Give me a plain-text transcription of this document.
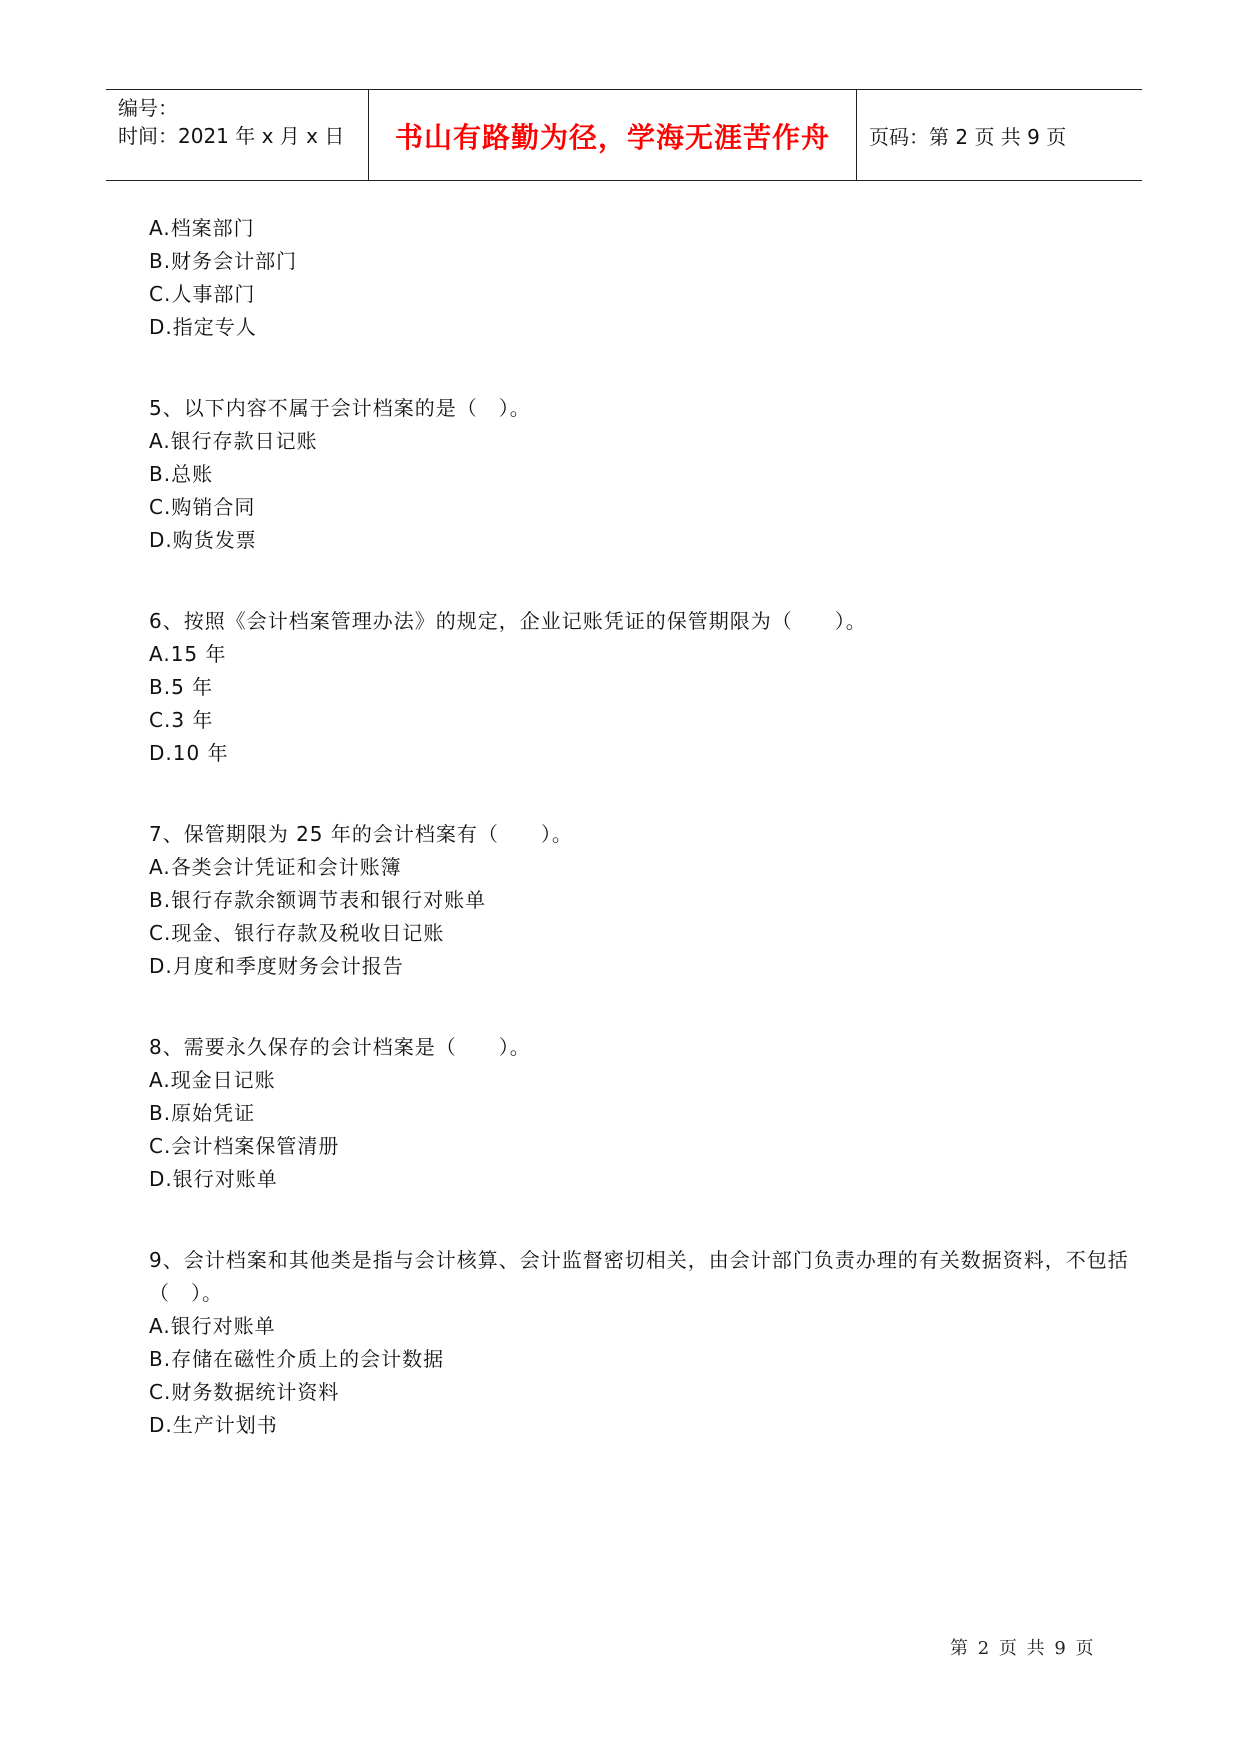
编号：
时间：2021 年 x 月 x 日	书山有路勤为径，学海无涯苦作舟	页码：第 2 页 共 9 页
A.档案部门
B.财务会计部门
C.人事部门
D.指定专人
5、以下内容不属于会计档案的是（　）。
A.银行存款日记账
B.总账
C.购销合同
D.购货发票
6、按照《会计档案管理办法》的规定，企业记账凭证的保管期限为（　　）。
A.15 年
B.5 年
C.3 年
D.10 年
7、保管期限为 25 年的会计档案有（　　）。
A.各类会计凭证和会计账簿
B.银行存款余额调节表和银行对账单
C.现金、银行存款及税收日记账
D.月度和季度财务会计报告
8、需要永久保存的会计档案是（　　）。
A.现金日记账
B.原始凭证
C.会计档案保管清册
D.银行对账单
9、会计档案和其他类是指与会计核算、会计监督密切相关，由会计部门负责办理的有关数据资料，不包括（　）。
A.银行对账单
B.存储在磁性介质上的会计数据
C.财务数据统计资料
D.生产计划书
第 2 页 共 9 页
